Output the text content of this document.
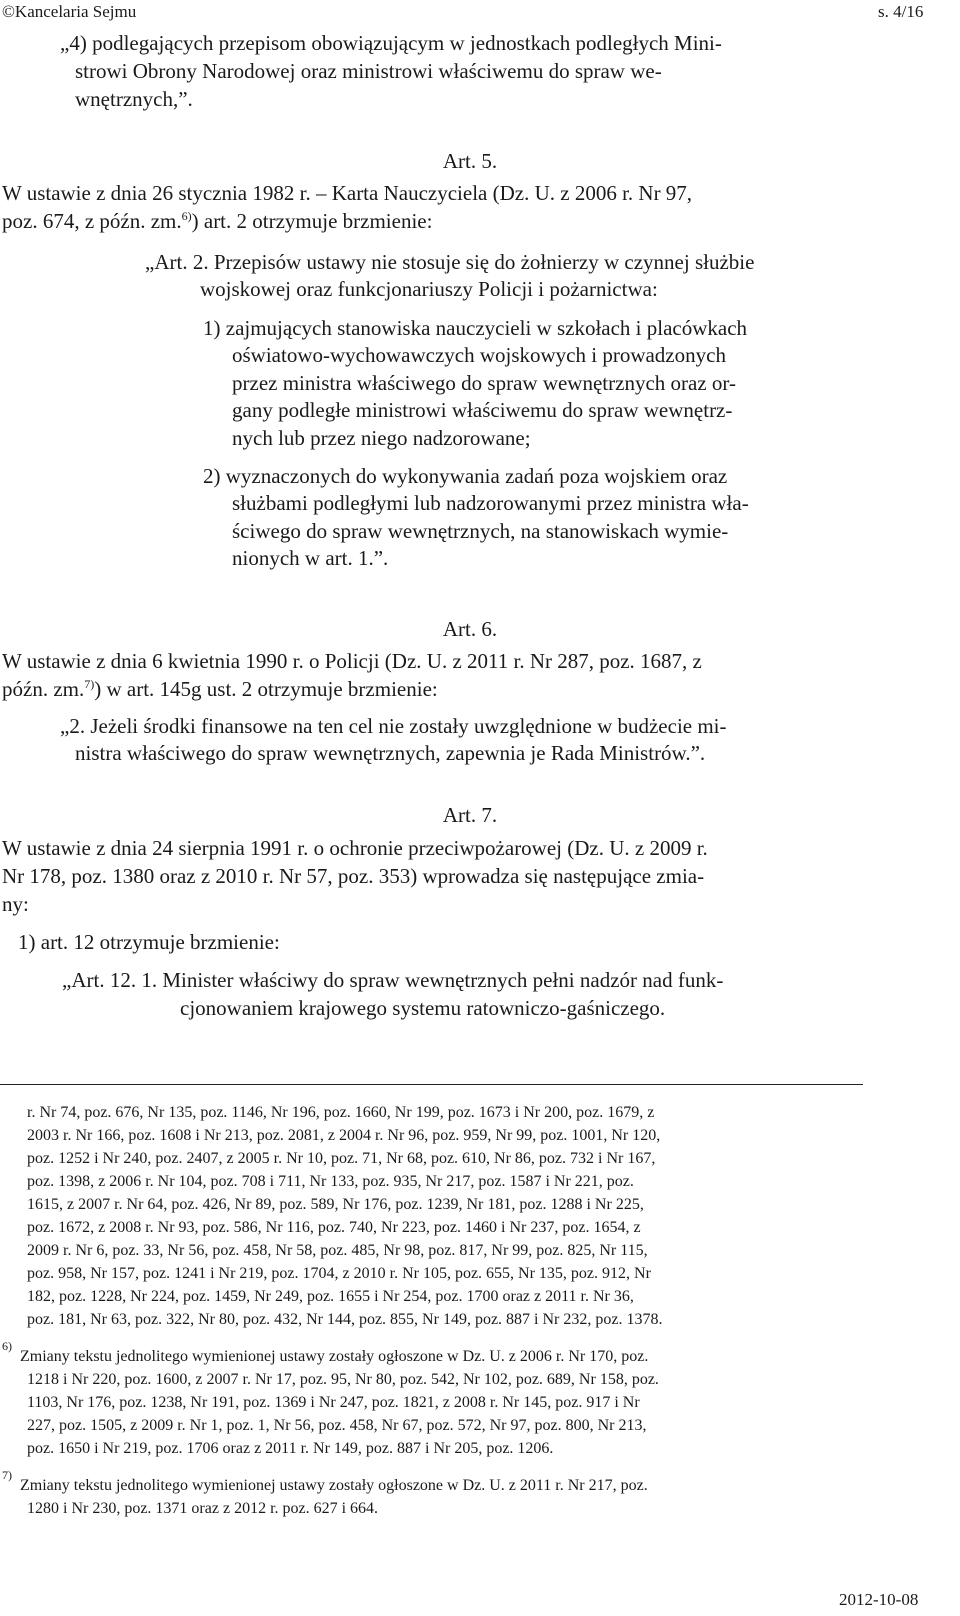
©Kancelaria Sejmu	s. 4/16
„4) podlegających przepisom obowiązującym w jednostkach podległych Mini-
strowi Obrony Narodowej oraz ministrowi właściwemu do spraw we-
wnętrznych,”.
Art. 5.
W ustawie z dnia 26 stycznia 1982 r. – Karta Nauczyciela (Dz. U. z 2006 r. Nr 97,
poz. 674, z późn. zm.$^{6)}$) art. 2 otrzymuje brzmienie:
„Art. 2. Przepisów ustawy nie stosuje się do żołnierzy w czynnej służbie
wojskowej oraz funkcjonariuszy Policji i pożarnictwa:
1) zajmujących stanowiska nauczycieli w szkołach i placówkach
oświatowo-wychowawczych wojskowych i prowadzonych
przez ministra właściwego do spraw wewnętrznych oraz or-
gany podległe ministrowi właściwemu do spraw wewnętrz-
nych lub przez niego nadzorowane;
2) wyznaczonych do wykonywania zadań poza wojskiem oraz
służbami podległymi lub nadzorowanymi przez ministra wła-
ściwego do spraw wewnętrznych, na stanowiskach wymie-
nionych w art. 1.”.
Art. 6.
W ustawie z dnia 6 kwietnia 1990 r. o Policji (Dz. U. z 2011 r. Nr 287, poz. 1687, z
późn. zm.$^{7)}$) w art. 145g ust. 2 otrzymuje brzmienie:
„2. Jeżeli środki finansowe na ten cel nie zostały uwzględnione w budżecie mi-
nistra właściwego do spraw wewnętrznych, zapewnia je Rada Ministrów.”.
Art. 7.
W ustawie z dnia 24 sierpnia 1991 r. o ochronie przeciwpożarowej (Dz. U. z 2009 r.
Nr 178, poz. 1380 oraz z 2010 r. Nr 57, poz. 353) wprowadza się następujące zmia-
ny:
1) art. 12 otrzymuje brzmienie:
„Art. 12. 1. Minister właściwy do spraw wewnętrznych pełni nadzór nad funk-
cjonowaniem krajowego systemu ratowniczo-gaśniczego.
r. Nr 74, poz. 676, Nr 135, poz. 1146, Nr 196, poz. 1660, Nr 199, poz. 1673 i Nr 200, poz. 1679, z
2003 r. Nr 166, poz. 1608 i Nr 213, poz. 2081, z 2004 r. Nr 96, poz. 959, Nr 99, poz. 1001, Nr 120,
poz. 1252 i Nr 240, poz. 2407, z 2005 r. Nr 10, poz. 71, Nr 68, poz. 610, Nr 86, poz. 732 i Nr 167,
poz. 1398, z 2006 r. Nr 104, poz. 708 i 711, Nr 133, poz. 935, Nr 217, poz. 1587 i Nr 221, poz.
1615, z 2007 r. Nr 64, poz. 426, Nr 89, poz. 589, Nr 176, poz. 1239, Nr 181, poz. 1288 i Nr 225,
poz. 1672, z 2008 r. Nr 93, poz. 586, Nr 116, poz. 740, Nr 223, poz. 1460 i Nr 237, poz. 1654, z
2009 r. Nr 6, poz. 33, Nr 56, poz. 458, Nr 58, poz. 485, Nr 98, poz. 817, Nr 99, poz. 825, Nr 115,
poz. 958, Nr 157, poz. 1241 i Nr 219, poz. 1704, z 2010 r. Nr 105, poz. 655, Nr 135, poz. 912, Nr
182, poz. 1228, Nr 224, poz. 1459, Nr 249, poz. 1655 i Nr 254, poz. 1700 oraz z 2011 r. Nr 36,
poz. 181, Nr 63, poz. 322, Nr 80, poz. 432, Nr 144, poz. 855, Nr 149, poz. 887 i Nr 232, poz. 1378.
6)
Zmiany tekstu jednolitego wymienionej ustawy zostały ogłoszone w Dz. U. z 2006 r. Nr 170, poz.
1218 i Nr 220, poz. 1600, z 2007 r. Nr 17, poz. 95, Nr 80, poz. 542, Nr 102, poz. 689, Nr 158, poz.
1103, Nr 176, poz. 1238, Nr 191, poz. 1369 i Nr 247, poz. 1821, z 2008 r. Nr 145, poz. 917 i Nr
227, poz. 1505, z 2009 r. Nr 1, poz. 1, Nr 56, poz. 458, Nr 67, poz. 572, Nr 97, poz. 800, Nr 213,
poz. 1650 i Nr 219, poz. 1706 oraz z 2011 r. Nr 149, poz. 887 i Nr 205, poz. 1206.
7)
Zmiany tekstu jednolitego wymienionej ustawy zostały ogłoszone w Dz. U. z 2011 r. Nr 217, poz.
1280 i Nr 230, poz. 1371 oraz z 2012 r. poz. 627 i 664.
2012-10-08
